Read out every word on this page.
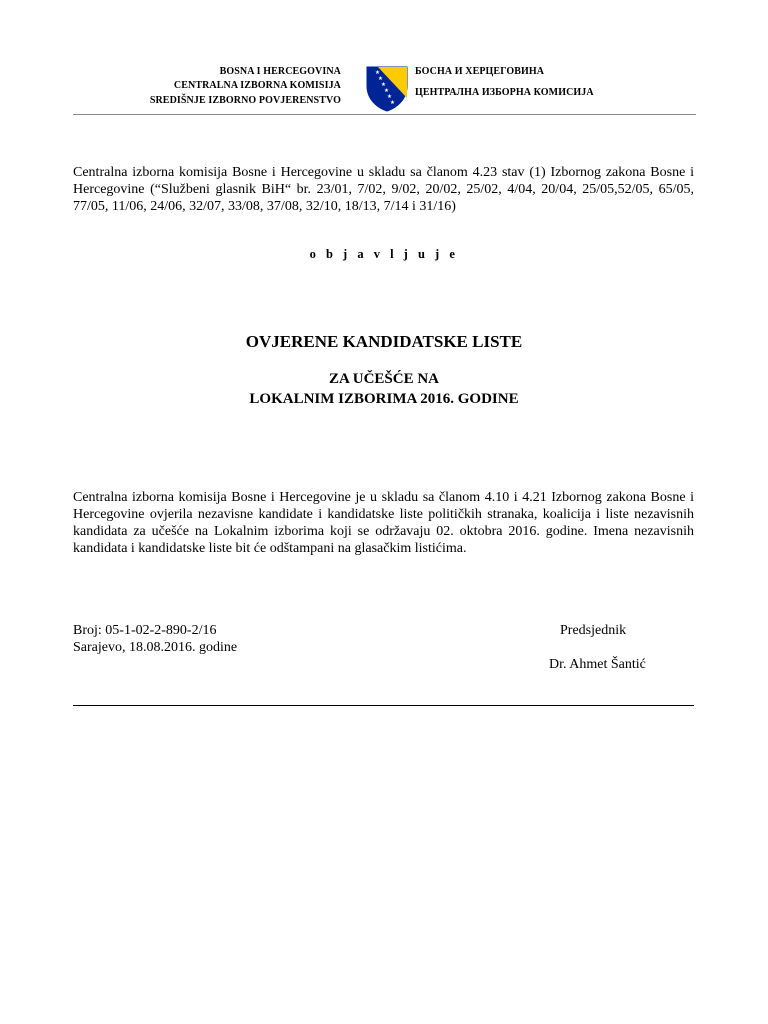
BOSNA I HERCEGOVINA
CENTRALNA IZBORNA KOMISIJA
SREDIŠNJE IZBORNO POVJERENSTVO
★
★
★
★
★
★
БОСНА И ХЕРЦЕГОВИНА
ЦЕНТРАЛНА ИЗБОРНА КОМИСИЈА
Centralna izborna komisija Bosne i Hercegovine u skladu sa članom 4.23 stav (1) Izbornog zakona Bosne i Hercegovine (“Službeni glasnik BiH“ br. 23/01, 7/02, 9/02, 20/02, 25/02, 4/04, 20/04, 25/05,52/05, 65/05, 77/05, 11/06, 24/06, 32/07, 33/08, 37/08, 32/10, 18/13, 7/14 i 31/16)
o b j a v l j u j e
OVJERENE KANDIDATSKE LISTE
ZA UČEŠĆE NA
LOKALNIM IZBORIMA 2016. GODINE
Centralna izborna komisija Bosne i Hercegovine je u skladu sa članom 4.10 i 4.21 Izbornog zakona Bosne i Hercegovine ovjerila nezavisne kandidate i kandidatske liste političkih stranaka, koalicija i liste nezavisnih kandidata za učešće na Lokalnim izborima koji se održavaju 02. oktobra 2016. godine. Imena nezavisnih kandidata i kandidatske liste bit će odštampani na glasačkim listićima.
Broj: 05-1-02-2-890-2/16
Sarajevo, 18.08.2016. godine
Predsjednik
Dr. Ahmet Šantić
